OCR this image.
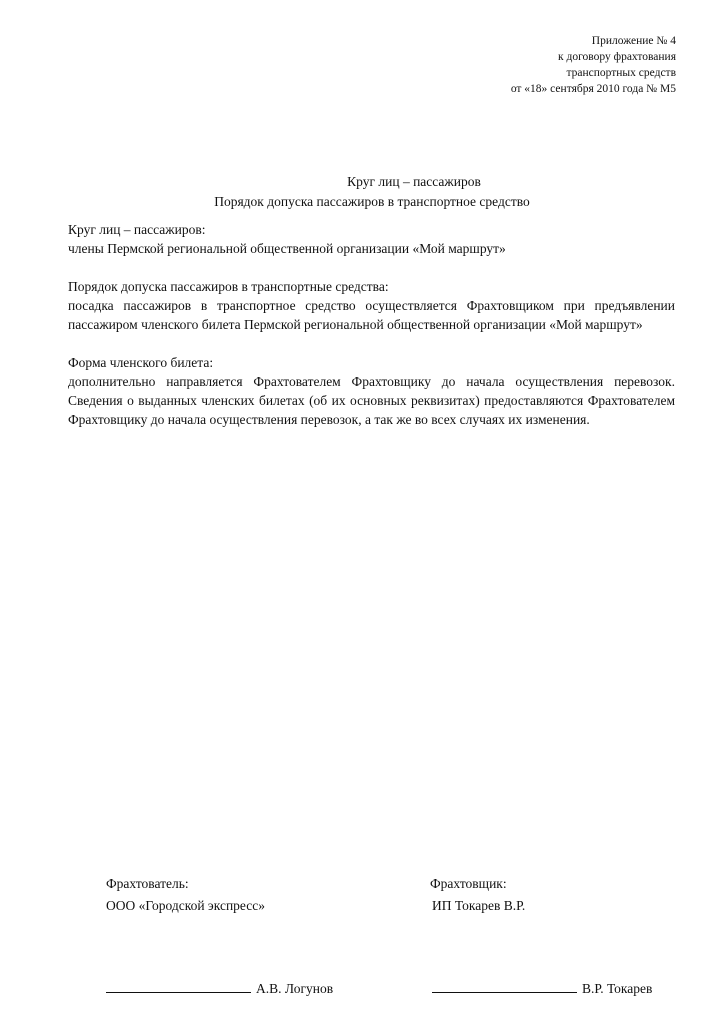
Приложение № 4
к договору фрахтования
транспортных средств
от «18» сентября 2010 года № М5
Круг лиц – пассажиров
Порядок допуска пассажиров в транспортное средство

Круг лиц – пассажиров:

члены Пермской региональной общественной организации «Мой маршрут»

Порядок допуска пассажиров в транспортные средства:

посадка пассажиров в транспортное средство осуществляется Фрахтовщиком при предъявлении пассажиром членского билета Пермской региональной общественной организации «Мой маршрут»

Форма членского билета:

дополнительно направляется Фрахтователем Фрахтовщику до начала осуществления перевозок. Сведения о выданных членских билетах (об их основных реквизитах) предоставляются Фрахтователем Фрахтовщику до начала осуществления перевозок, а так же во всех случаях их изменения.

Фрахтователь:
ООО «Городской экспресс»
Фрахтовщик:
ИП Токарев В.Р.
А.В. Логунов	В.Р. Токарев
